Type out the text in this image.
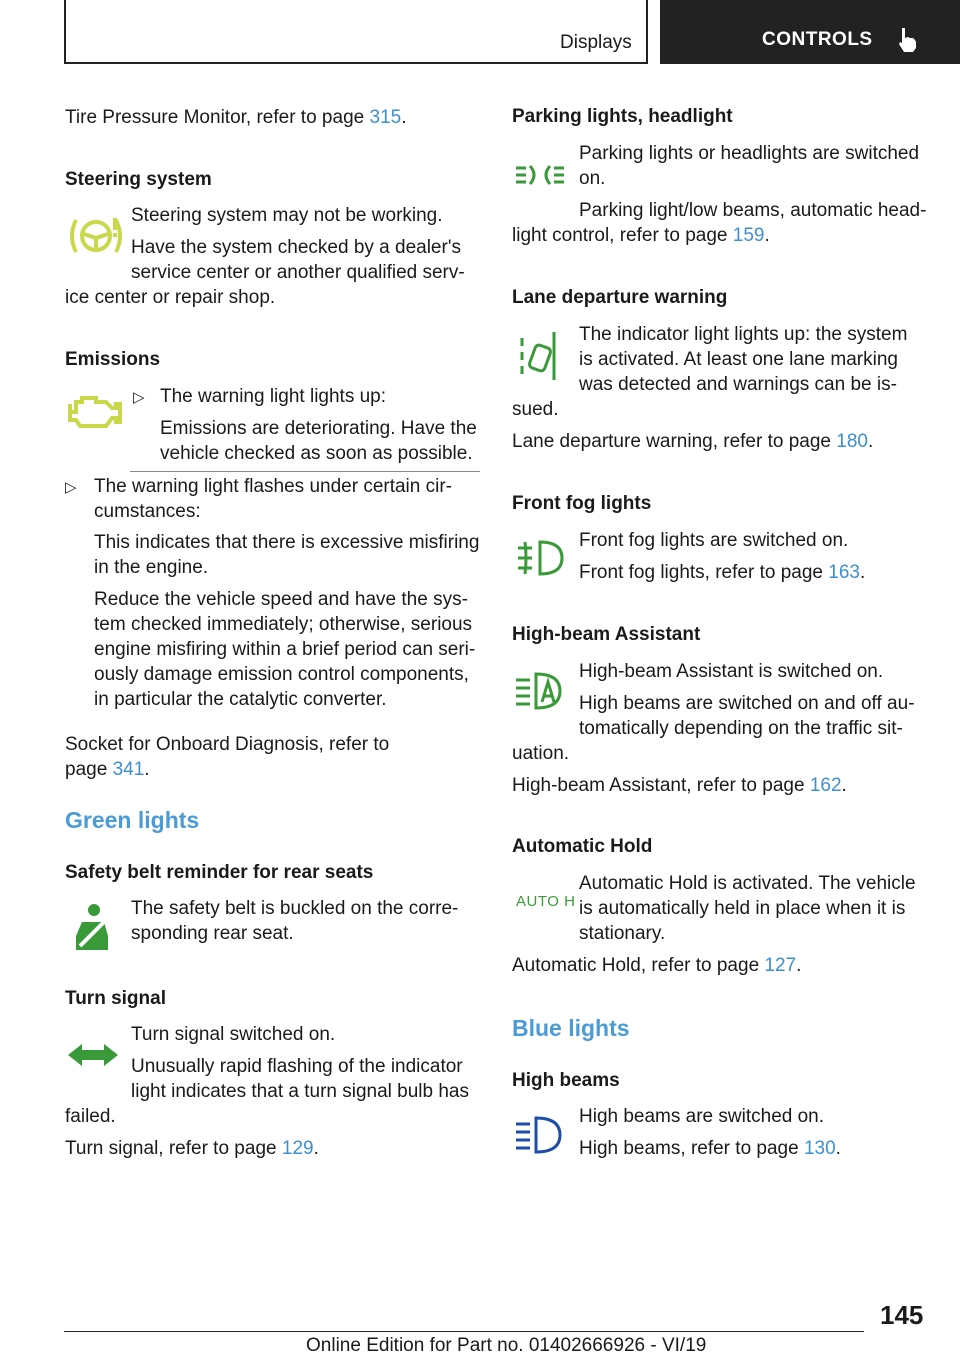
Displays	CONTROLS

Tire Pressure Monitor, refer to page 315.

Steering system

Steering system may not be working.

Have the system checked by a dealer's

service center or another qualified serv-

ice center or repair shop.

Emissions

▷ The warning light lights up:

Emissions are deteriorating. Have the

vehicle checked as soon as possible.

▷ The warning light flashes under certain cir-

cumstances:

This indicates that there is excessive misfiring

in the engine.

Reduce the vehicle speed and have the sys-

tem checked immediately; otherwise, serious

engine misfiring within a brief period can seri-

ously damage emission control components,

in particular the catalytic converter.

Socket for Onboard Diagnosis, refer to

page 341.

Green lights

Safety belt reminder for rear seats

The safety belt is buckled on the corre-

sponding rear seat.

Turn signal

Turn signal switched on.

Unusually rapid flashing of the indicator

light indicates that a turn signal bulb has

failed.

Turn signal, refer to page 129.

Parking lights, headlight

Parking lights or headlights are switched

on.

Parking light/low beams, automatic head-

light control, refer to page 159.

Lane departure warning

The indicator light lights up: the system

is activated. At least one lane marking

was detected and warnings can be is-

sued.

Lane departure warning, refer to page 180.

Front fog lights

Front fog lights are switched on.

Front fog lights, refer to page 163.

High-beam Assistant

High-beam Assistant is switched on.

High beams are switched on and off au-

tomatically depending on the traffic sit-

uation.

High-beam Assistant, refer to page 162.

Automatic Hold

AUTO H

Automatic Hold is activated. The vehicle

is automatically held in place when it is

stationary.

Automatic Hold, refer to page 127.

Blue lights

High beams

High beams are switched on.

High beams, refer to page 130.

145

Online Edition for Part no. 01402666926 - VI/19
